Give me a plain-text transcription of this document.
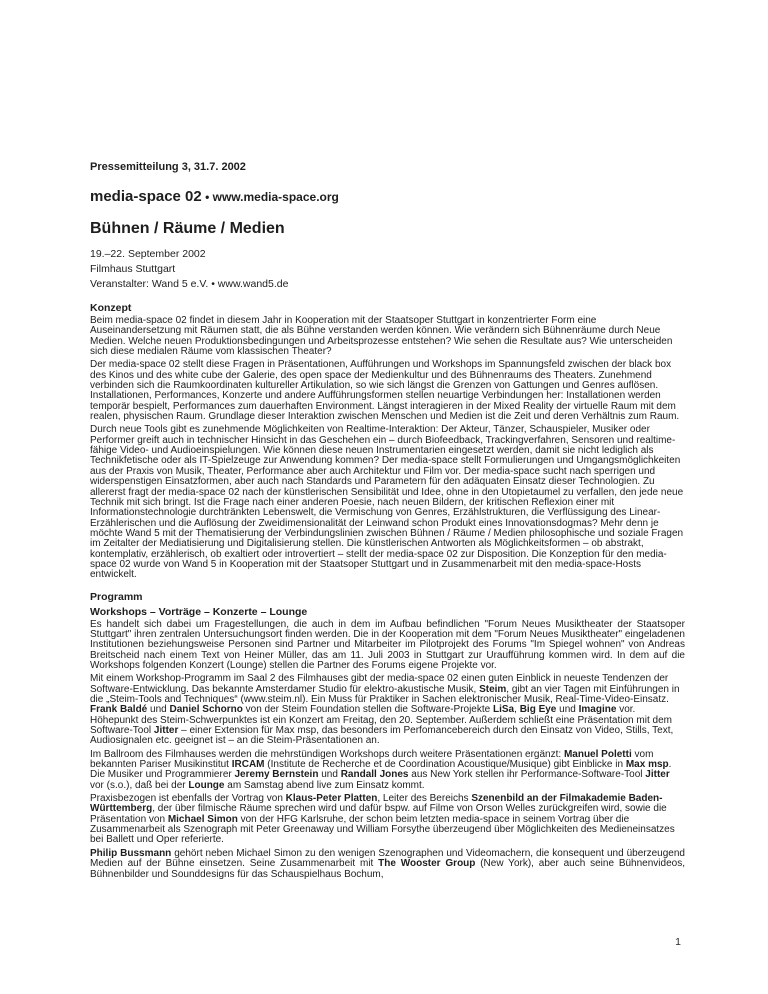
Pressemitteilung 3, 31.7. 2002

media-space 02 • www.media-space.org
Bühnen / Räume / Medien

19.–22. September 2002

Filmhaus Stuttgart

Veranstalter: Wand 5 e.V. • www.wand5.de

Konzept

Beim media-space 02 findet in diesem Jahr in Kooperation mit der Staatsoper Stuttgart in konzentrierter Form eine Auseinandersetzung mit Räumen statt, die als Bühne verstanden werden können. Wie verändern sich Bühnenräume durch Neue Medien. Welche neuen Produktionsbedingungen und Arbeitsprozesse entstehen? Wie sehen die Resultate aus? Wie unterscheiden sich diese medialen Räume vom klassischen Theater?

Der media-space 02 stellt diese Fragen in Präsentationen, Aufführungen und Workshops im Spannungsfeld zwischen der black box des Kinos und des white cube der Galerie, des open space der Medienkultur und des Bühnenraums des Theaters. Zunehmend verbinden sich die Raumkoordinaten kultureller Artikulation, so wie sich längst die Grenzen von Gattungen und Genres auflösen. Installationen, Performances, Konzerte und andere Aufführungsformen stellen neuartige Verbindungen her: Installationen werden temporär bespielt, Performances zum dauerhaften Environment. Längst interagieren in der Mixed Reality der virtuelle Raum mit dem realen, physischen Raum. Grundlage dieser Interaktion zwischen Menschen und Medien ist die Zeit und deren Verhältnis zum Raum.

Durch neue Tools gibt es zunehmende Möglichkeiten von Realtime-Interaktion: Der Akteur, Tänzer, Schauspieler, Musiker oder Performer greift auch in technischer Hinsicht in das Geschehen ein – durch Biofeedback, Trackingverfahren, Sensoren und realtime-fähige Video- und Audioeinspielungen. Wie können diese neuen Instrumentarien eingesetzt werden, damit sie nicht lediglich als Technikfetische oder als IT-Spielzeuge zur Anwendung kommen? Der media-space stellt Formulierungen und Umgangsmöglichkeiten aus der Praxis von Musik, Theater, Performance aber auch Architektur und Film vor. Der media-space sucht nach sperrigen und widerspenstigen Einsatzformen, aber auch nach Standards und Parametern für den adäquaten Einsatz dieser Technologien. Zu allererst fragt der media-space 02 nach der künstlerischen Sensibilität und Idee, ohne in den Utopietaumel zu verfallen, den jede neue Technik mit sich bringt. Ist die Frage nach einer anderen Poesie, nach neuen Bildern, der kritischen Reflexion einer mit Informationstechnologie durchtränkten Lebenswelt, die Vermischung von Genres, Erzählstrukturen, die Verflüssigung des Linear-Erzählerischen und die Auflösung der Zweidimensionalität der Leinwand schon Produkt eines Innovationsdogmas? Mehr denn je möchte Wand 5 mit der Thematisierung der Verbindungslinien zwischen Bühnen / Räume / Medien philosophische und soziale Fragen im Zeitalter der Mediatisierung und Digitalisierung stellen. Die künstlerischen Antworten als Möglichkeitsformen – ob abstrakt, kontemplativ, erzählerisch, ob exaltiert oder introvertiert – stellt der media-space 02 zur Disposition. Die Konzeption für den media-space 02 wurde von Wand 5 in Kooperation mit der Staatsoper Stuttgart und in Zusammenarbeit mit den media-space-Hosts entwickelt.

Programm
Workshops – Vorträge – Konzerte – Lounge

Es handelt sich dabei um Fragestellungen, die auch in dem im Aufbau befindlichen "Forum Neues Musiktheater der Staatsoper Stuttgart" ihren zentralen Untersuchungsort finden werden. Die in der Kooperation mit dem "Forum Neues Musiktheater" eingeladenen Institutionen beziehungsweise Personen sind Partner und Mitarbeiter im Pilotprojekt des Forums "Im Spiegel wohnen" von Andreas Breitscheid nach einem Text von Heiner Müller, das am 11. Juli 2003 in Stuttgart zur Uraufführung kommen wird. In dem auf die Workshops folgenden Konzert (Lounge) stellen die Partner des Forums eigene Projekte vor.

Mit einem Workshop-Programm im Saal 2 des Filmhauses gibt der media-space 02 einen guten Einblick in neueste Tendenzen der Software-Entwicklung. Das bekannte Amsterdamer Studio für elektro-akustische Musik, Steim, gibt an vier Tagen mit Einführungen in die „Steim-Tools and Techniques“ (www.steim.nl). Ein Muss für Praktiker in Sachen elektronischer Musik, Real-Time-Video-Einsatz. Frank Baldé und Daniel Schorno von der Steim Foundation stellen die Software-Projekte LiSa, Big Eye und Imagine vor. Höhepunkt des Steim-Schwerpunktes ist ein Konzert am Freitag, den 20. September. Außerdem schließt eine Präsentation mit dem Software-Tool Jitter – einer Extension für Max msp, das besonders im Perfomancebereich durch den Einsatz von Video, Stills, Text, Audiosignalen etc. geeignet ist – an die Steim-Präsentationen an.

Im Ballroom des Filmhauses werden die mehrstündigen Workshops durch weitere Präsentationen ergänzt: Manuel Poletti vom bekannten Pariser Musikinstitut IRCAM (Institute de Recherche et de Coordination Acoustique/Musique) gibt Einblicke in Max msp. Die Musiker und Programmierer Jeremy Bernstein und Randall Jones aus New York stellen ihr Performance-Software-Tool Jitter vor (s.o.), daß bei der Lounge am Samstag abend live zum Einsatz kommt.

Praxisbezogen ist ebenfalls der Vortrag von Klaus-Peter Platten, Leiter des Bereichs Szenenbild an der Filmakademie Baden-Württemberg, der über filmische Räume sprechen wird und dafür bspw. auf Filme von Orson Welles zurückgreifen wird, sowie die Präsentation von Michael Simon von der HFG Karlsruhe, der schon beim letzten media-space in seinem Vortrag über die Zusammenarbeit als Szenograph mit Peter Greenaway und William Forsythe überzeugend über Möglichkeiten des Medieneinsatzes bei Ballett und Oper referierte.

Philip Bussmann gehört neben Michael Simon zu den wenigen Szenographen und Videomachern, die konsequent und überzeugend Medien auf der Bühne einsetzen. Seine Zusammenarbeit mit The Wooster Group (New York), aber auch seine Bühnenvideos, Bühnenbilder und Sounddesigns für das Schauspielhaus Bochum,

1
